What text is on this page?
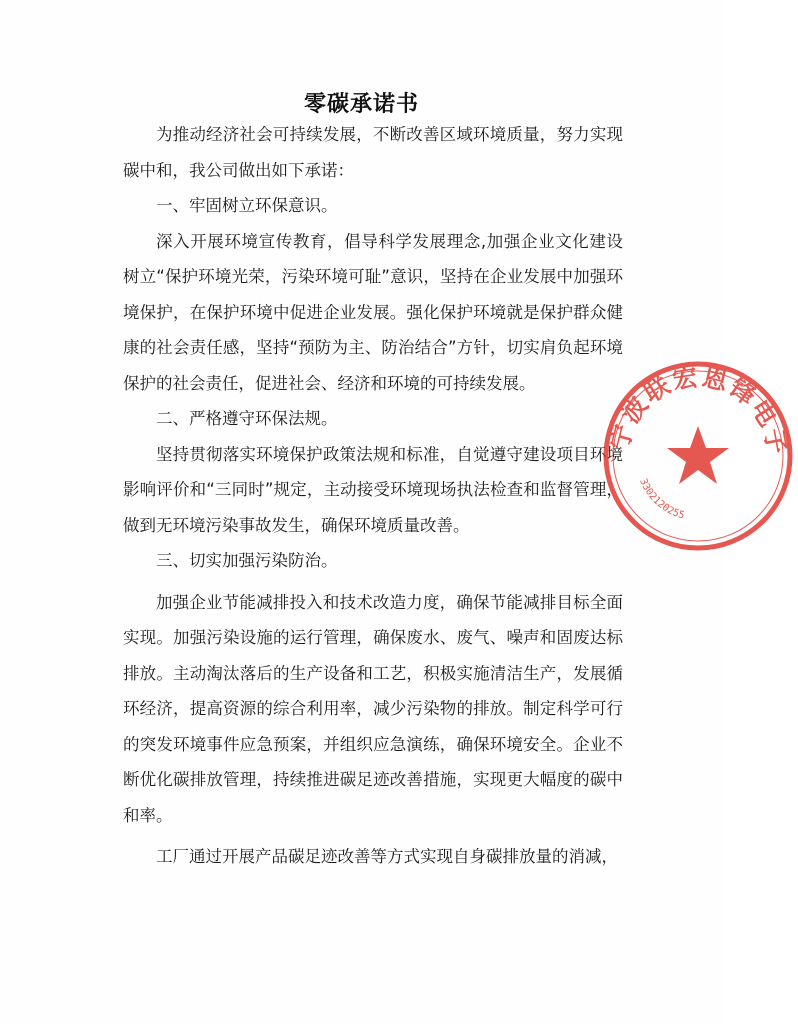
零碳承诺书

为推动经济社会可持续发展，不断改善区域环境质量，努力实现碳中和，我公司做出如下承诺：

一、牢固树立环保意识。

深入开展环境宣传教育，倡导科学发展理念,加强企业文化建设树立“保护环境光荣，污染环境可耻”意识，坚持在企业发展中加强环境保护，在保护环境中促进企业发展。强化保护环境就是保护群众健康的社会责任感，坚持“预防为主、防治结合”方针，切实肩负起环境保护的社会责任，促进社会、经济和环境的可持续发展。

二、严格遵守环保法规。

坚持贯彻落实环境保护政策法规和标准，自觉遵守建设项目环境影响评价和“三同时”规定，主动接受环境现场执法检查和监督管理，做到无环境污染事故发生，确保环境质量改善。

三、切实加强污染防治。

加强企业节能减排投入和技术改造力度，确保节能减排目标全面实现。加强污染设施的运行管理，确保废水、废气、噪声和固废达标排放。主动淘汰落后的生产设备和工艺，积极实施清洁生产，发展循环经济，提高资源的综合利用率，减少污染物的排放。制定科学可行的突发环境事件应急预案，并组织应急演练，确保环境安全。企业不断优化碳排放管理，持续推进碳足迹改善措施，实现更大幅度的碳中和率。

工厂通过开展产品碳足迹改善等方式实现自身碳排放量的消减，

宁波联宏恩锋电子
3302120255
